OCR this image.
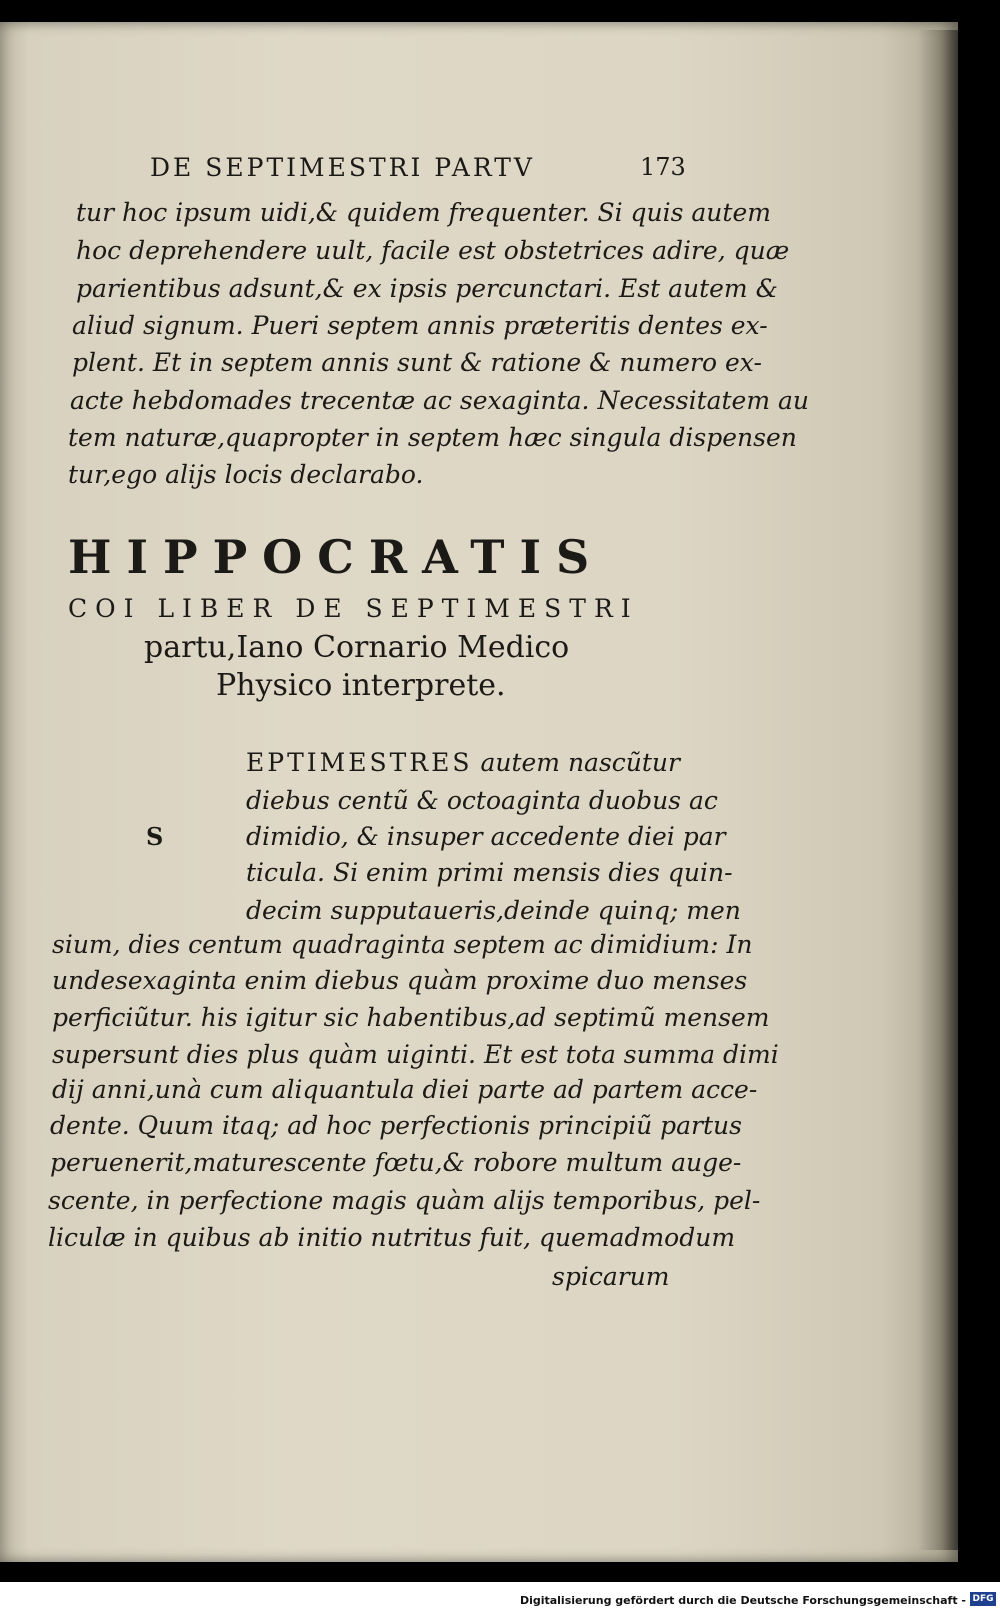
DE SEPTIMESTRI PARTV	173
tur hoc ipsum uidi,& quidem frequenter. Si quis autem
hoc deprehendere uult, facile est obstetrices adire, quæ
parientibus adsunt,& ex ipsis percunctari. Est autem &
aliud signum. Pueri septem annis præteritis dentes ex-
plent. Et in septem annis sunt & ratione & numero ex-
acte hebdomades trecentæ ac sexaginta. Necessitatem au
tem naturæ,quapropter in septem hæc singula dispensen
tur,ego alijs locis declarabo.
HIPPOCRATIS
COI LIBER DE SEPTIMESTRI
partu,Iano Cornario Medico
Physico interprete.
S
EPTIMESTRES autem nascũtur
diebus centũ & octoaginta duobus ac
dimidio, & insuper accedente diei par
ticula. Si enim primi mensis dies quin-
decim supputaueris,deinde quinq; men
sium, dies centum quadraginta septem ac dimidium: In
undesexaginta enim diebus quàm proxime duo menses
perficiũtur. his igitur sic habentibus,ad septimũ mensem
supersunt dies plus quàm uiginti. Et est tota summa dimi
dij anni,unà cum aliquantula diei parte ad partem acce-
dente. Quum itaq; ad hoc perfectionis principiũ partus
peruenerit,maturescente fœtu,& robore multum auge-
scente, in perfectione magis quàm alijs temporibus, pel-
liculæ in quibus ab initio nutritus fuit, quemadmodum
spicarum
Digitalisierung gefördert durch die Deutsche Forschungsgemeinschaft - DFG
